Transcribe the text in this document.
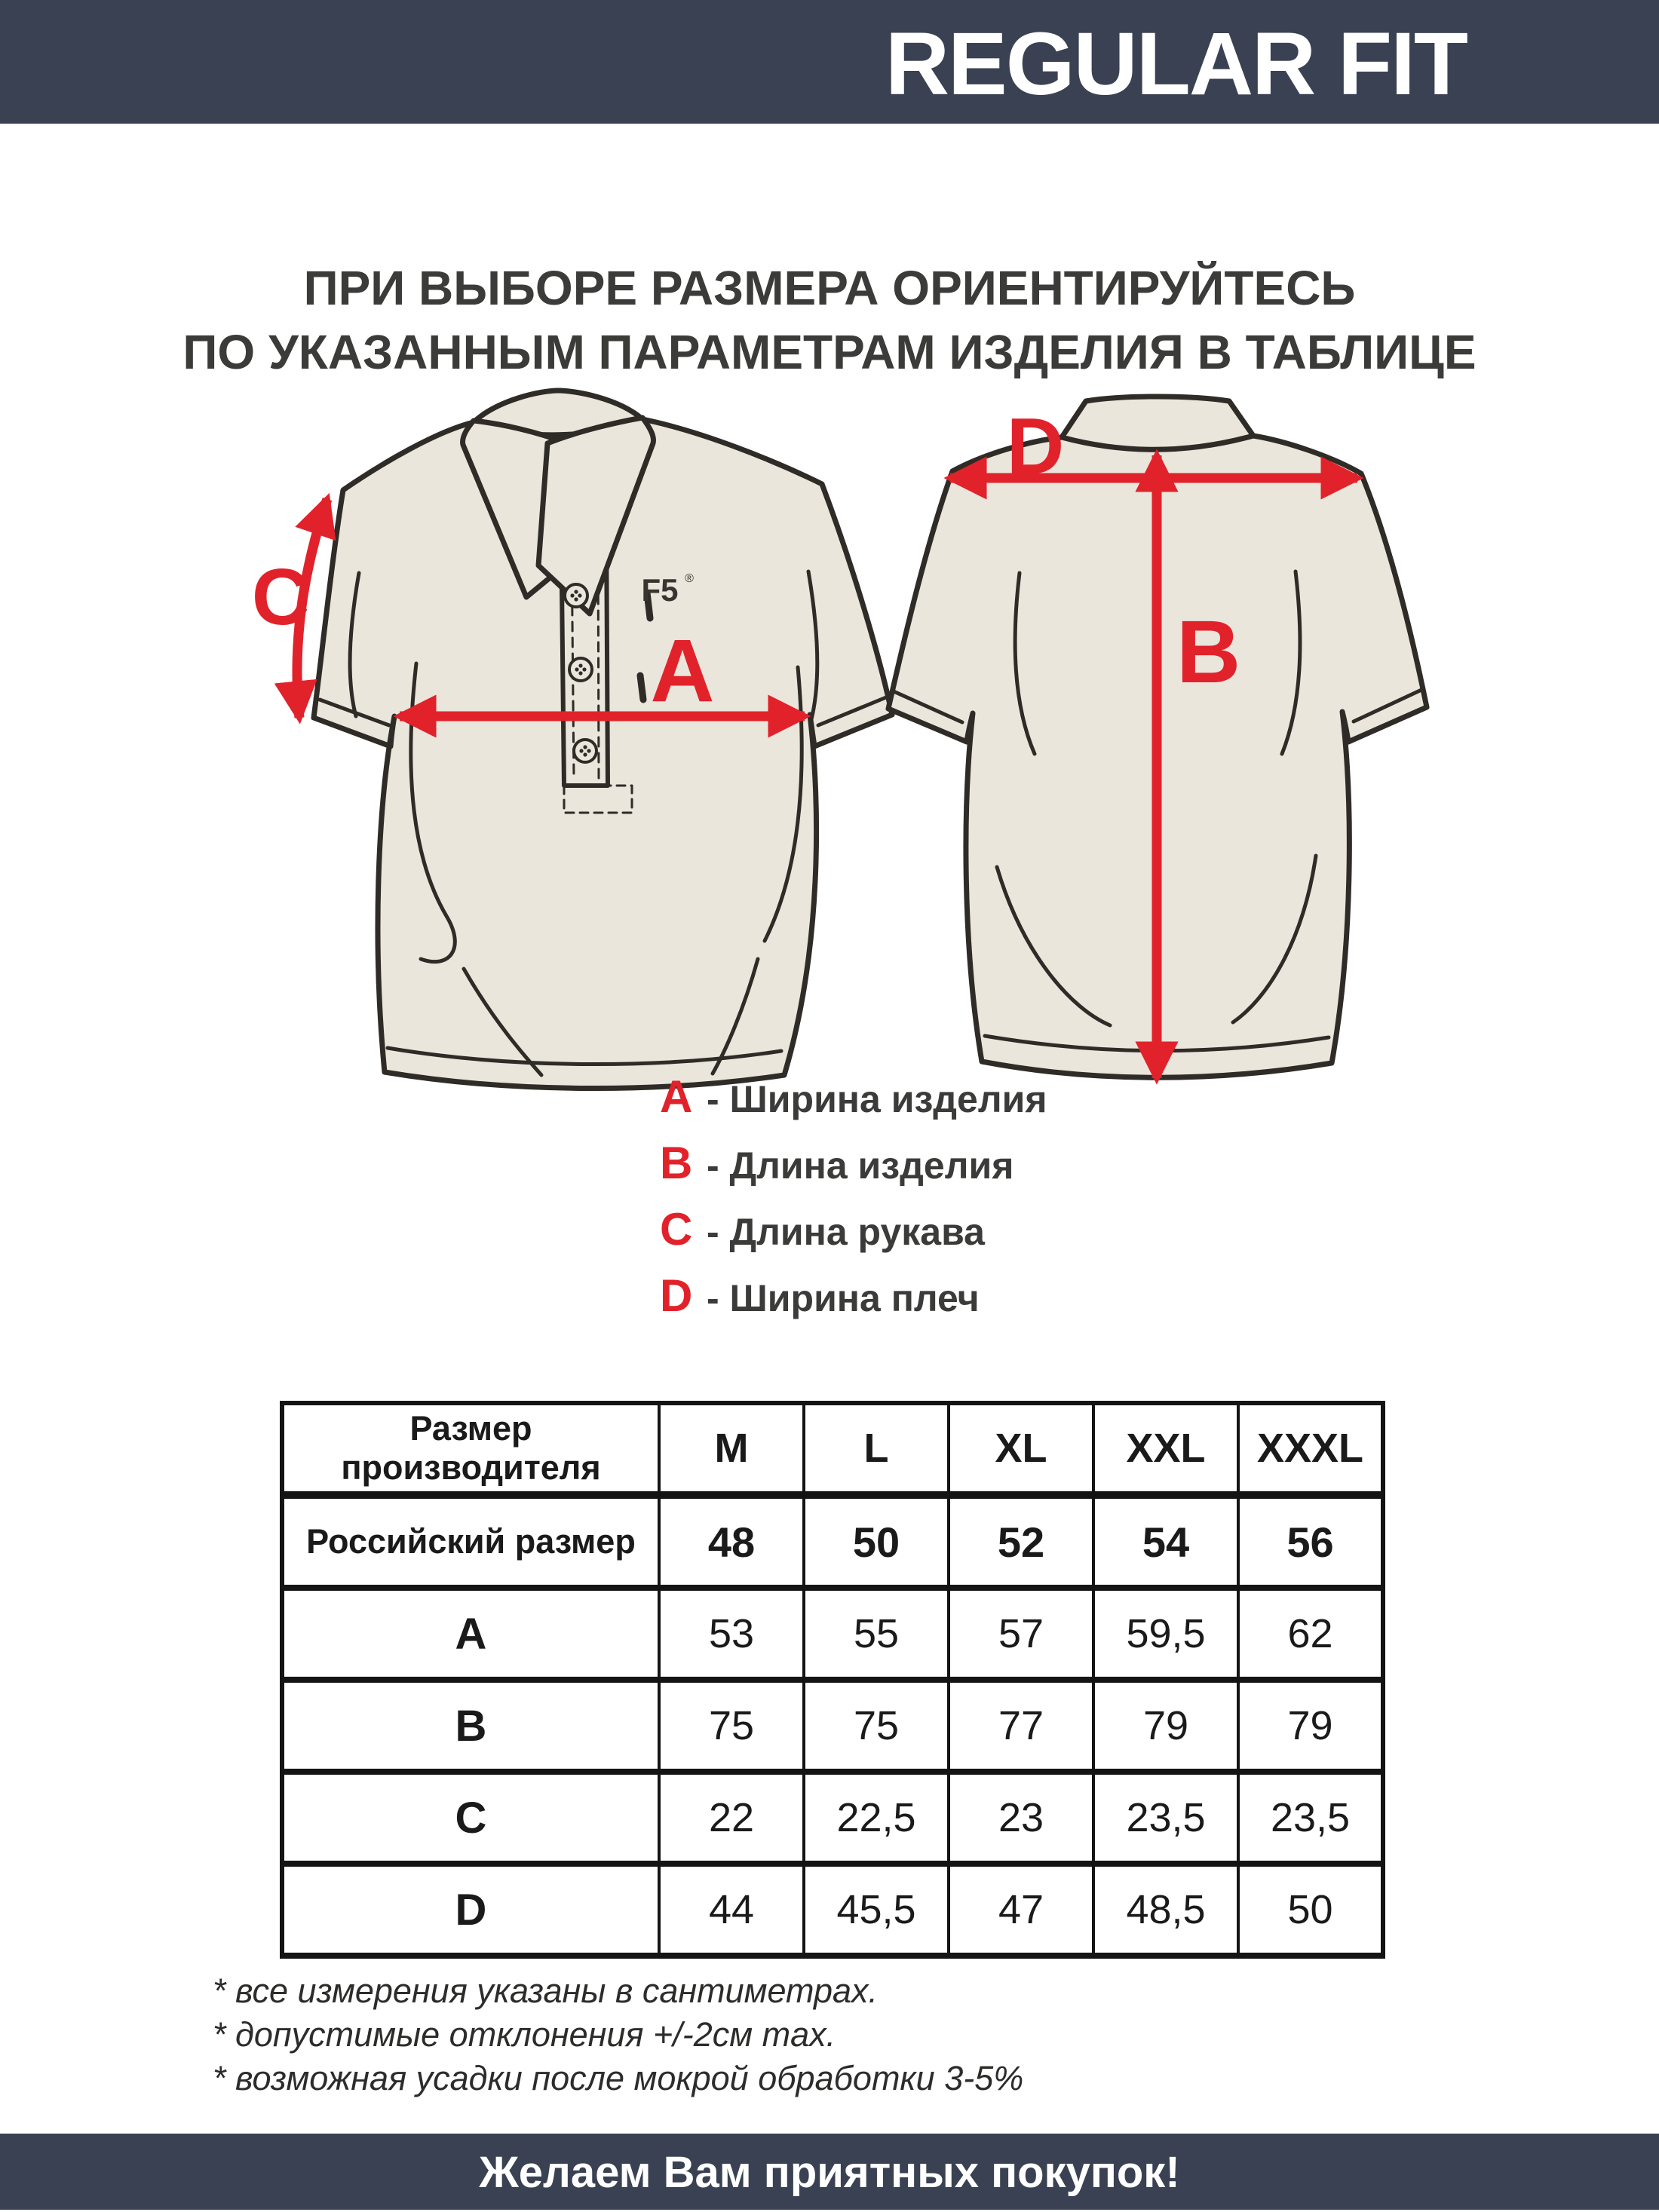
REGULAR FIT
ПРИ ВЫБОРЕ РАЗМЕРА ОРИЕНТИРУЙТЕСЬ
ПО УКАЗАННЫМ ПАРАМЕТРАМ ИЗДЕЛИЯ В ТАБЛИЦЕ
F5 ®
A
C
D
B
A - Ширина изделия
B - Длина изделия
C - Длина рукава
D - Ширина плеч
Размер производителя	M	L	XL	XXL	XXXL
Российский размер	48	50	52	54	56
A	53	55	57	59,5	62
B	75	75	77	79	79
C	22	22,5	23	23,5	23,5
D	44	45,5	47	48,5	50
* все измерения указаны в сантиметрах.
* допустимые отклонения +/-2см max.
* возможная усадки после мокрой обработки 3-5%
Желаем Вам приятных покупок!
